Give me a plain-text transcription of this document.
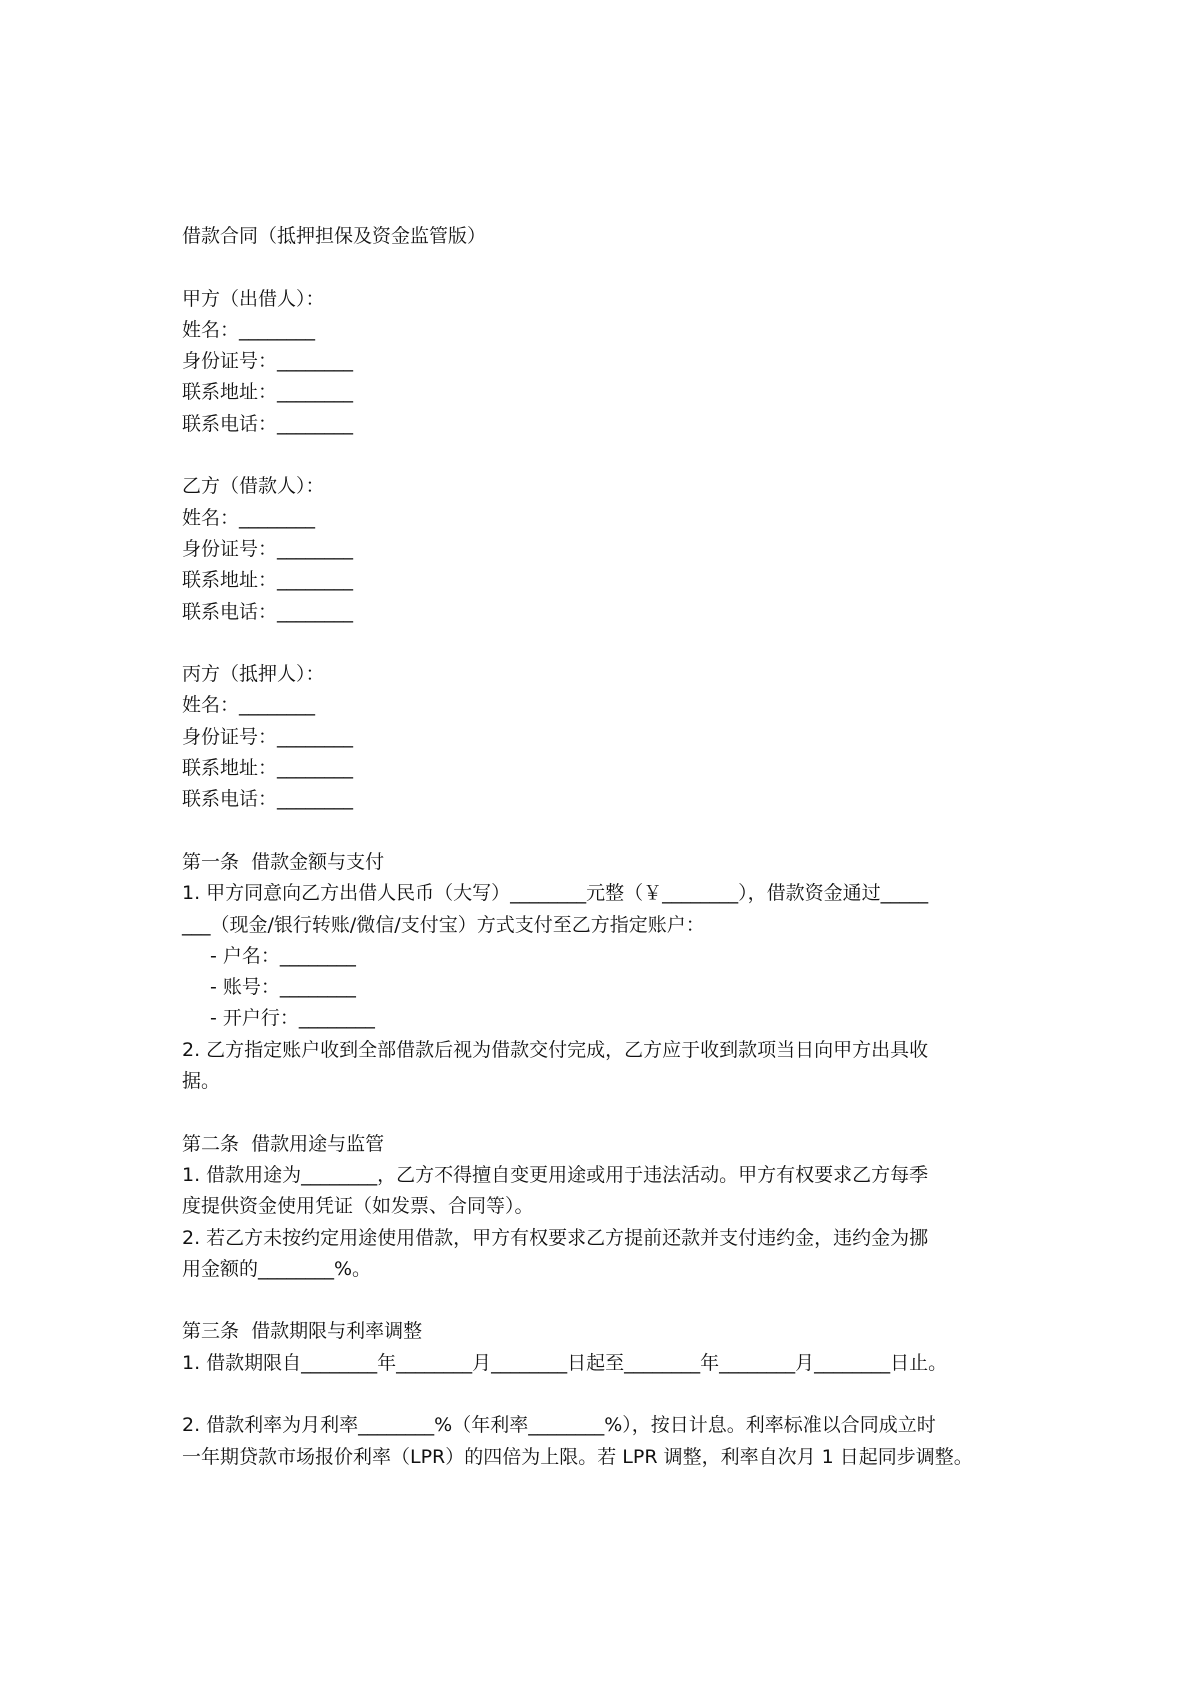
借款合同（抵押担保及资金监管版）
甲方（出借人）：
姓名：________
身份证号：________
联系地址：________
联系电话：________
乙方（借款人）：
姓名：________
身份证号：________
联系地址：________
联系电话：________
丙方（抵押人）：
姓名：________
身份证号：________
联系地址：________
联系电话：________
第一条  借款金额与支付
1. 甲方同意向乙方出借人民币（大写）________元整（￥________），借款资金通过_____
___（现金/银行转账/微信/支付宝）方式支付至乙方指定账户：
- 户名：________
- 账号：________
- 开户行：________
2. 乙方指定账户收到全部借款后视为借款交付完成，乙方应于收到款项当日向甲方出具收
据。
第二条  借款用途与监管
1. 借款用途为________，乙方不得擅自变更用途或用于违法活动。甲方有权要求乙方每季
度提供资金使用凭证（如发票、合同等）。
2. 若乙方未按约定用途使用借款，甲方有权要求乙方提前还款并支付违约金，违约金为挪
用金额的________%。
第三条  借款期限与利率调整
1. 借款期限自________年________月________日起至________年________月________日止。
2. 借款利率为月利率________%（年利率________%），按日计息。利率标准以合同成立时
一年期贷款市场报价利率（LPR）的四倍为上限。若 LPR 调整，利率自次月 1 日起同步调整。
